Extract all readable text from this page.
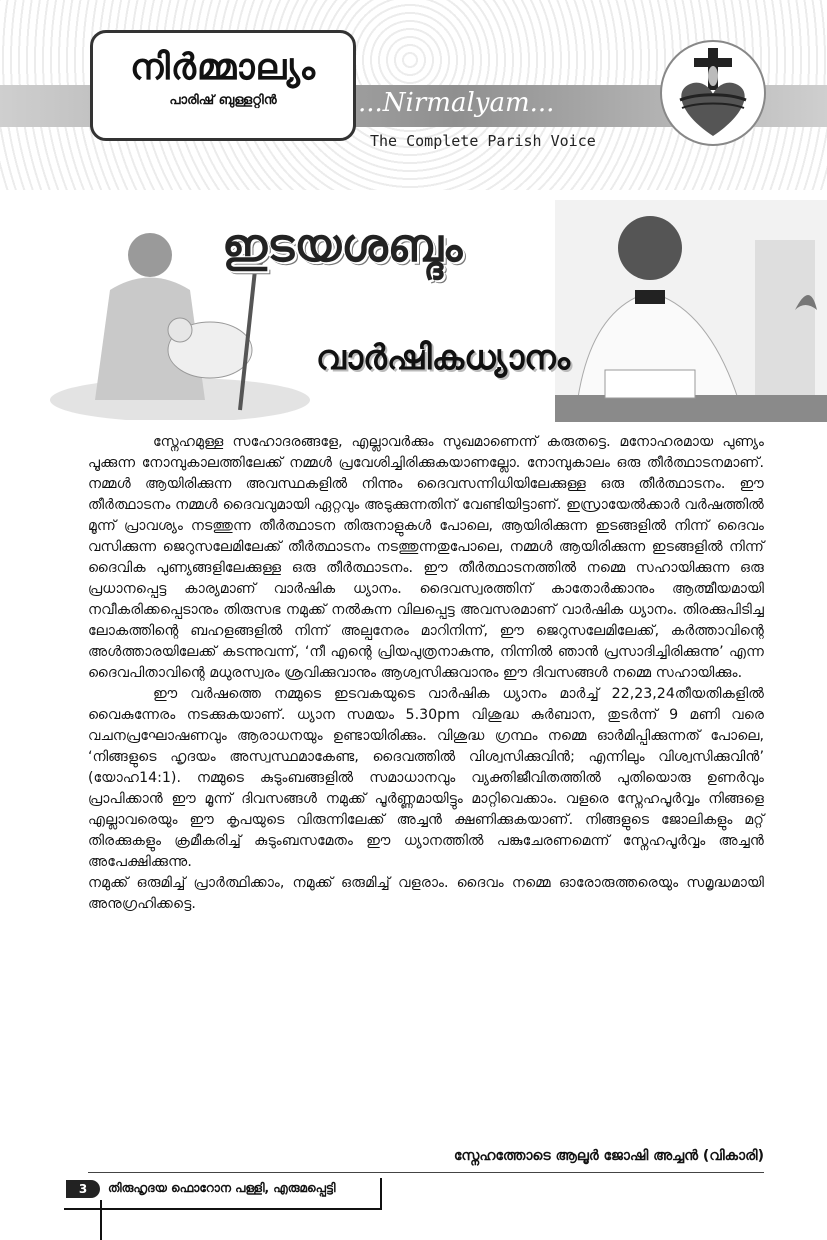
നിർമ്മാല്യം
പാരിഷ് ബുള്ളറ്റിൻ	...Nirmalyam...
The Complete Parish Voice
ഇടയശബ്ദം
വാർഷികധ്യാനം

സ്നേഹമുള്ള സഹോദരങ്ങളേ, എല്ലാവർക്കും സുഖമാണെന്ന് കരുതട്ടെ. മനോഹരമായ പുണ്യം പൂക്കുന്ന നോമ്പുകാലത്തിലേക്ക് നമ്മൾ പ്രവേശിച്ചിരിക്കുകയാണല്ലോ. നോമ്പുകാലം ഒരു തീർത്ഥാടനമാണ്. നമ്മൾ ആയിരിക്കുന്ന അവസ്ഥകളിൽ നിന്നും ദൈവസന്നിധിയിലേക്കുള്ള ഒരു തീർത്ഥാടനം. ഈ തീർത്ഥാടനം നമ്മൾ ദൈവവുമായി ഏറ്റവും അടുക്കുന്നതിന് വേണ്ടിയിട്ടാണ്. ഇസ്രായേൽക്കാർ വർഷത്തിൽ മൂന്ന് പ്രാവശ്യം നടത്തുന്ന തീർത്ഥാടന തിരുനാളുകൾ പോലെ, ആയിരിക്കുന്ന ഇടങ്ങളിൽ നിന്ന് ദൈവം വസിക്കുന്ന ജെറുസലേമിലേക്ക് തീർത്ഥാടനം നടത്തുന്നതുപോലെ, നമ്മൾ ആയിരിക്കുന്ന ഇടങ്ങളിൽ നിന്ന് ദൈവിക പുണ്യങ്ങളിലേക്കുള്ള ഒരു തീർത്ഥാടനം. ഈ തീർത്ഥാടനത്തിൽ നമ്മെ സഹായിക്കുന്ന ഒരു പ്രധാനപ്പെട്ട കാര്യമാണ് വാർഷിക ധ്യാനം. ദൈവസ്വരത്തിന് കാതോർക്കാനും ആത്മീയമായി നവീകരിക്കപ്പെടാനും തിരുസഭ നമുക്ക് നൽകുന്ന വിലപ്പെട്ട അവസരമാണ് വാർഷിക ധ്യാനം. തിരക്കുപിടിച്ച ലോകത്തിന്റെ ബഹളങ്ങളിൽ നിന്ന് അല്പനേരം മാറിനിന്ന്, ഈ ജെറുസലേമിലേക്ക്, കർത്താവിന്റെ അൾത്താരയിലേക്ക് കടന്നുവന്ന്, ‘നീ എന്റെ പ്രിയപുത്രനാകുന്നു, നിന്നിൽ ഞാൻ പ്രസാദിച്ചിരിക്കുന്നു’ എന്ന ദൈവപിതാവിന്റെ മധുരസ്വരം ശ്രവിക്കുവാനും ആശ്വസിക്കുവാനും ഈ ദിവസങ്ങൾ നമ്മെ സഹായിക്കും.

ഈ വർഷത്തെ നമ്മുടെ ഇടവകയുടെ വാർഷിക ധ്യാനം മാർച്ച് 22,23,24തീയതികളിൽ വൈകുന്നേരം നടക്കുകയാണ്. ധ്യാന സമയം 5.30pm വിശുദ്ധ കുർബാന, തുടർന്ന് 9 മണി വരെ വചനപ്രഘോഷണവും ആരാധനയും ഉണ്ടായിരിക്കും. വിശുദ്ധ ഗ്രന്ഥം നമ്മെ ഓർമിപ്പിക്കുന്നത് പോലെ, ‘നിങ്ങളുടെ ഹൃദയം അസ്വസ്ഥമാകേണ്ട, ദൈവത്തിൽ വിശ്വസിക്കുവിൻ; എന്നിലും വിശ്വസിക്കുവിൻ’ (യോഹ14:1). നമ്മുടെ കുടുംബങ്ങളിൽ സമാധാനവും വ്യക്തിജീവിതത്തിൽ പുതിയൊരു ഉണർവും പ്രാപിക്കാൻ ഈ മൂന്ന് ദിവസങ്ങൾ നമുക്ക് പൂർണ്ണമായിട്ടും മാറ്റിവെക്കാം. വളരെ സ്നേഹപൂർവ്വം നിങ്ങളെ എല്ലാവരെയും ഈ കൃപയുടെ വിരുന്നിലേക്ക് അച്ചൻ ക്ഷണിക്കുകയാണ്. നിങ്ങളുടെ ജോലികളും മറ്റ് തിരക്കുകളും ക്രമീകരിച്ച് കുടുംബസമേതം ഈ ധ്യാനത്തിൽ പങ്കുചേരണമെന്ന് സ്നേഹപൂർവ്വം അച്ചൻ അപേക്ഷിക്കുന്നു.

നമുക്ക് ഒരുമിച്ച് പ്രാർത്ഥിക്കാം, നമുക്ക് ഒരുമിച്ച് വളരാം. ദൈവം നമ്മെ ഓരോരുത്തരെയും സമൃദ്ധമായി അനുഗ്രഹിക്കട്ടെ.

സ്നേഹത്തോടെ ആലൂർ ജോഷി അച്ചൻ (വികാരി)
3	തിരുഹൃദയ ഫൊറോന പള്ളി, എരുമപ്പെട്ടി
